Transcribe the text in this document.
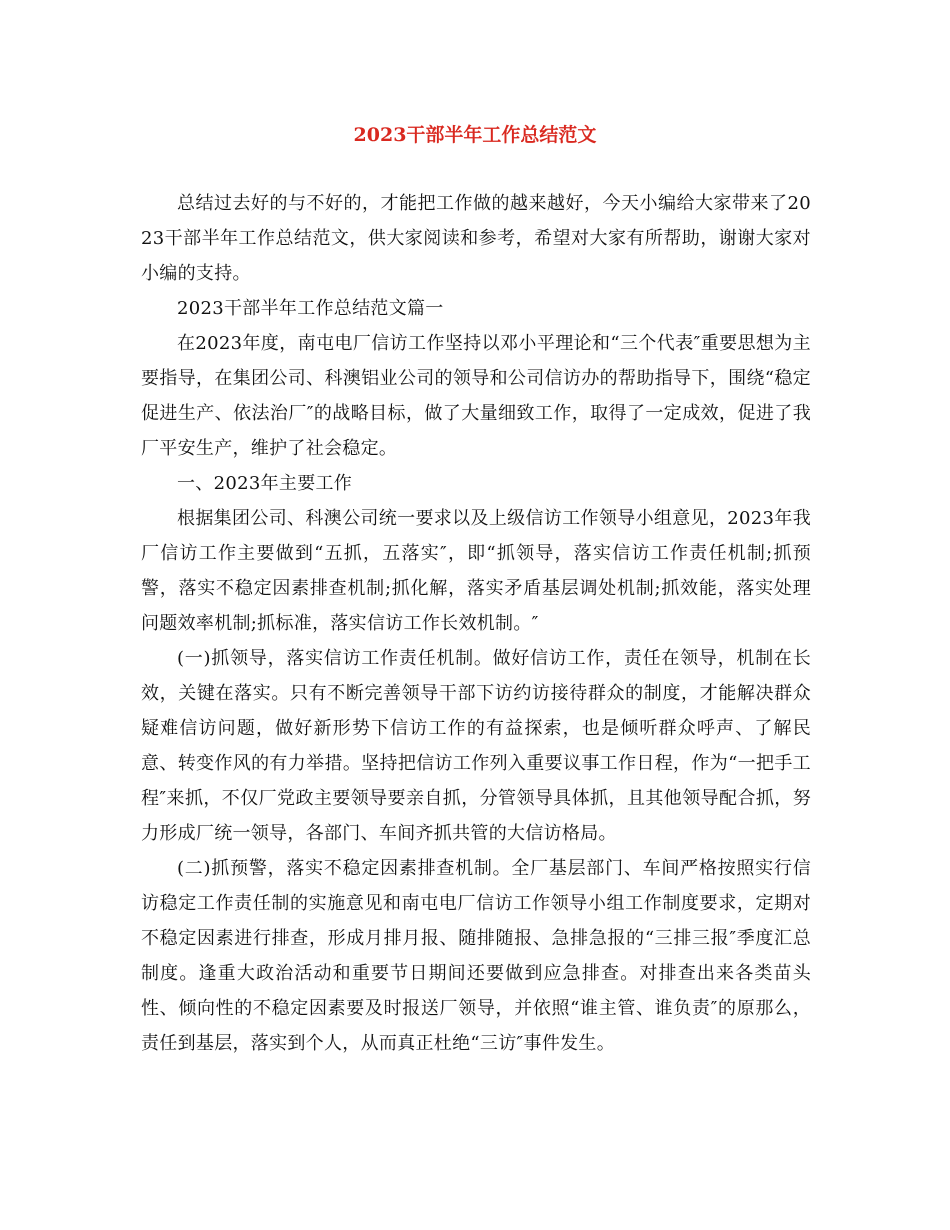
2023干部半年工作总结范文

总结过去好的与不好的，才能把工作做的越来越好，今天小编给大家带来了2023干部半年工作总结范文，供大家阅读和参考，希望对大家有所帮助，谢谢大家对小编的支持。

2023干部半年工作总结范文篇一

在2023年度，南屯电厂信访工作坚持以邓小平理论和“三个代表″重要思想为主要指导，在集团公司、科澳铝业公司的领导和公司信访办的帮助指导下，围绕“稳定促进生产、依法治厂″的战略目标，做了大量细致工作，取得了一定成效，促进了我厂平安生产，维护了社会稳定。

一、2023年主要工作

根据集团公司、科澳公司统一要求以及上级信访工作领导小组意见，2023年我厂信访工作主要做到“五抓，五落实″，即“抓领导，落实信访工作责任机制;抓预警，落实不稳定因素排查机制;抓化解，落实矛盾基层调处机制;抓效能，落实处理问题效率机制;抓标准，落实信访工作长效机制。″

(一)抓领导，落实信访工作责任机制。做好信访工作，责任在领导，机制在长效，关键在落实。只有不断完善领导干部下访约访接待群众的制度，才能解决群众疑难信访问题，做好新形势下信访工作的有益探索，也是倾听群众呼声、了解民意、转变作风的有力举措。坚持把信访工作列入重要议事工作日程，作为“一把手工程″来抓，不仅厂党政主要领导要亲自抓，分管领导具体抓，且其他领导配合抓，努力形成厂统一领导，各部门、车间齐抓共管的大信访格局。

(二)抓预警，落实不稳定因素排查机制。全厂基层部门、车间严格按照实行信访稳定工作责任制的实施意见和南屯电厂信访工作领导小组工作制度要求，定期对不稳定因素进行排查，形成月排月报、随排随报、急排急报的“三排三报″季度汇总制度。逢重大政治活动和重要节日期间还要做到应急排查。对排查出来各类苗头性、倾向性的不稳定因素要及时报送厂领导，并依照“谁主管、谁负责″的原那么，责任到基层，落实到个人，从而真正杜绝“三访″事件发生。
